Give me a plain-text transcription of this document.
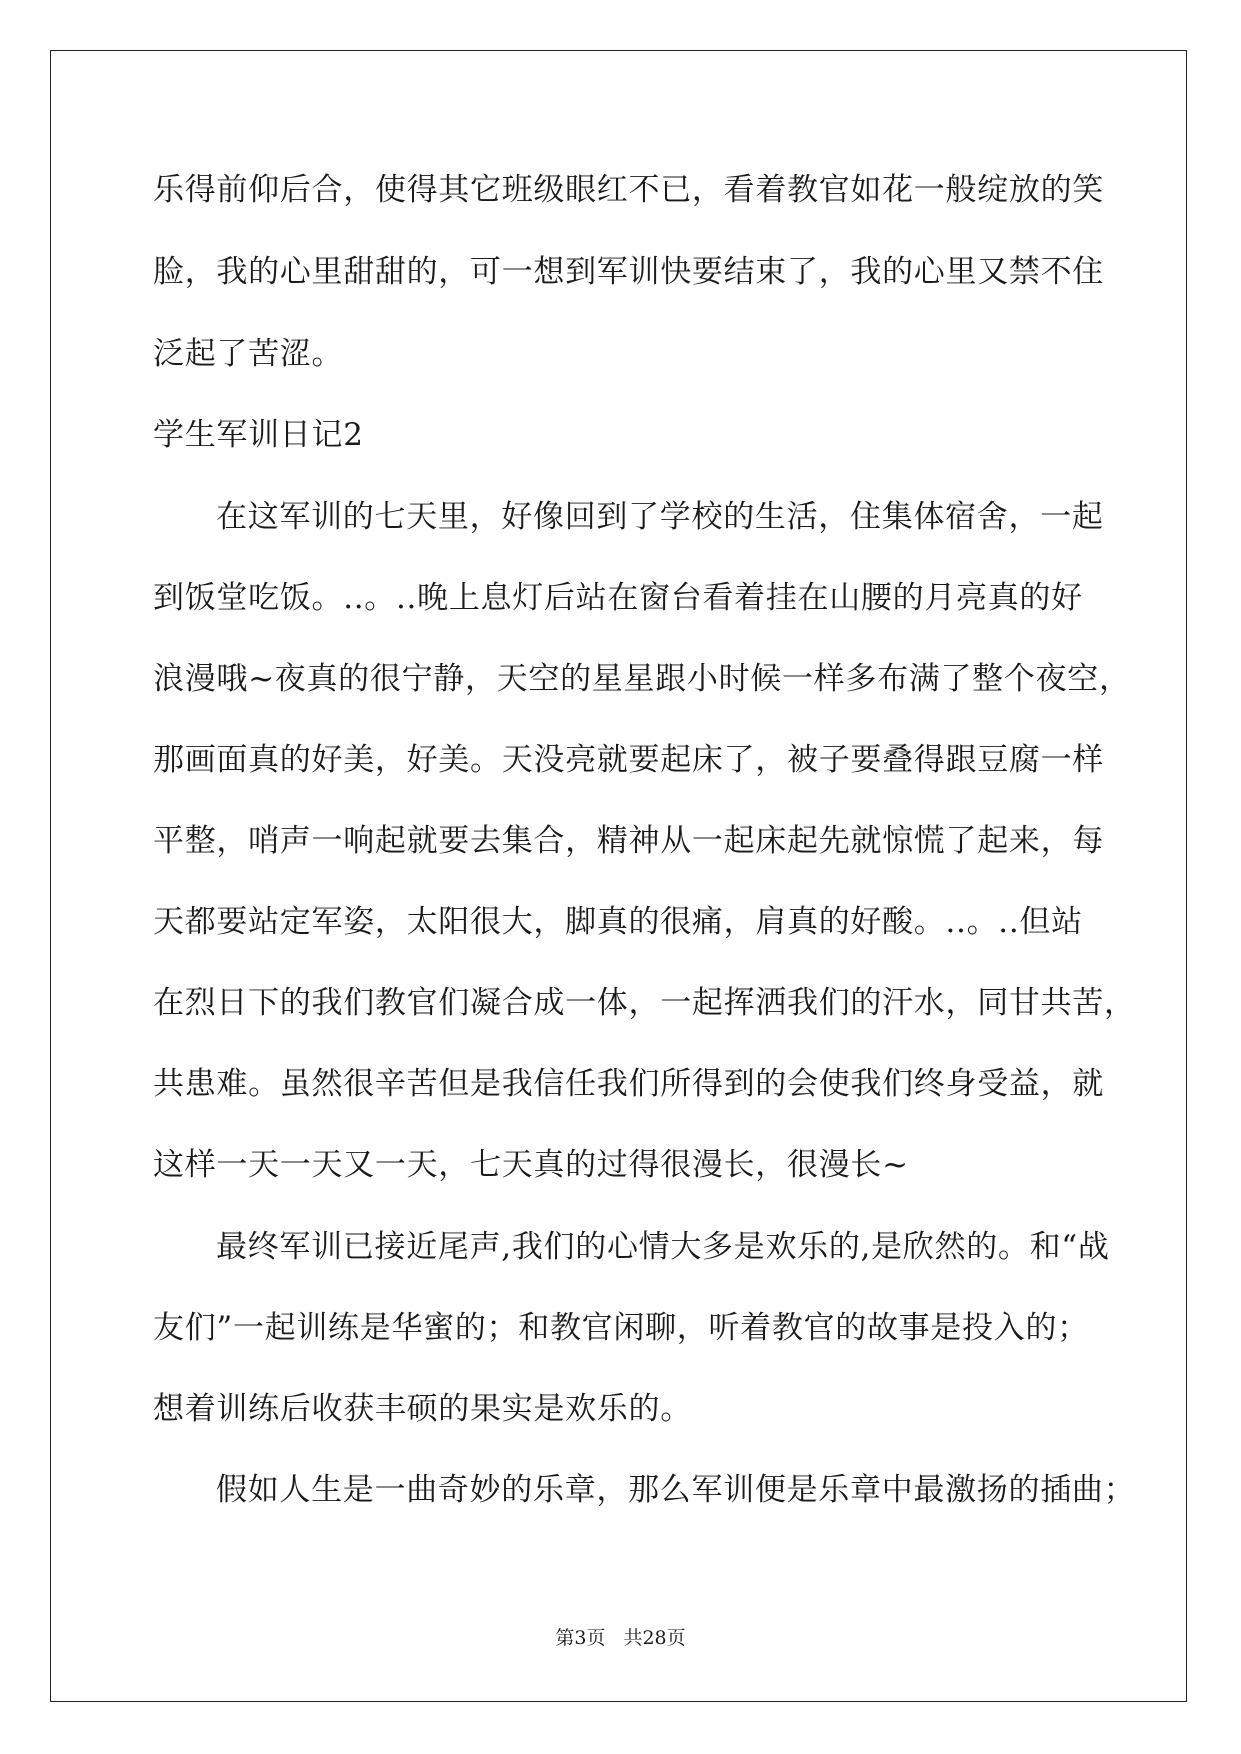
乐得前仰后合，使得其它班级眼红不已，看着教官如花一般绽放的笑
脸，我的心里甜甜的，可一想到军训快要结束了，我的心里又禁不住
泛起了苦涩。
学生军训日记2
在这军训的七天里，好像回到了学校的生活，住集体宿舍，一起
到饭堂吃饭。..。..晚上息灯后站在窗台看着挂在山腰的月亮真的好
浪漫哦~夜真的很宁静，天空的星星跟小时候一样多布满了整个夜空，
那画面真的好美，好美。天没亮就要起床了，被子要叠得跟豆腐一样
平整，哨声一响起就要去集合，精神从一起床起先就惊慌了起来，每
天都要站定军姿，太阳很大，脚真的很痛，肩真的好酸。..。..但站
在烈日下的我们教官们凝合成一体，一起挥洒我们的汗水，同甘共苦，
共患难。虽然很辛苦但是我信任我们所得到的会使我们终身受益，就
这样一天一天又一天，七天真的过得很漫长，很漫长~
最终军训已接近尾声,我们的心情大多是欢乐的,是欣然的。和“战
友们”一起训练是华蜜的；和教官闲聊，听着教官的故事是投入的；
想着训练后收获丰硕的果实是欢乐的。
假如人生是一曲奇妙的乐章，那么军训便是乐章中最激扬的插曲；
第3页 共28页
